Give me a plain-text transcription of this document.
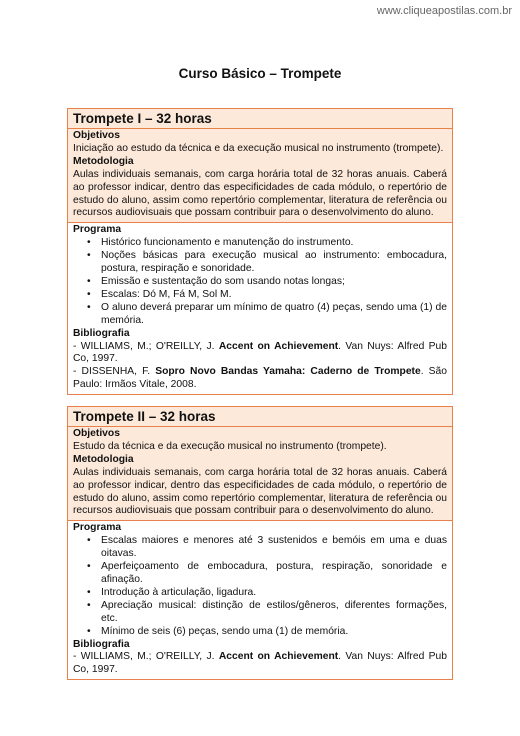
www.cliqueapostilas.com.br
Curso Básico – Trompete
Trompete I – 32 horas
Objetivos
Iniciação ao estudo da técnica e da execução musical no instrumento (trompete).
Metodologia
Aulas individuais semanais, com carga horária total de 32 horas anuais. Caberá ao professor indicar, dentro das especificidades de cada módulo, o repertório de estudo do aluno, assim como repertório complementar, literatura de referência ou recursos audiovisuais que possam contribuir para o desenvolvimento do aluno.
Programa
• Histórico funcionamento e manutenção do instrumento.
• Noções básicas para execução musical ao instrumento: embocadura, postura, respiração e sonoridade.
• Emissão e sustentação do som usando notas longas;
• Escalas: Dó M, Fá M, Sol M.
• O aluno deverá preparar um mínimo de quatro (4) peças, sendo uma (1) de memória.
Bibliografia
- WILLIAMS, M.; O'REILLY, J. Accent on Achievement. Van Nuys: Alfred Pub Co, 1997.
- DISSENHA, F. Sopro Novo Bandas Yamaha: Caderno de Trompete. São Paulo: Irmãos Vitale, 2008.
Trompete II – 32 horas
Objetivos
Estudo da técnica e da execução musical no instrumento (trompete).
Metodologia
Aulas individuais semanais, com carga horária total de 32 horas anuais. Caberá ao professor indicar, dentro das especificidades de cada módulo, o repertório de estudo do aluno, assim como repertório complementar, literatura de referência ou recursos audiovisuais que possam contribuir para o desenvolvimento do aluno.
Programa
• Escalas maiores e menores até 3 sustenidos e bemóis em uma e duas oitavas.
• Aperfeiçoamento de embocadura, postura, respiração, sonoridade e afinação.
• Introdução à articulação, ligadura.
• Apreciação musical: distinção de estilos/gêneros, diferentes formações, etc.
• Mínimo de seis (6) peças, sendo uma (1) de memória.
Bibliografia
- WILLIAMS, M.; O'REILLY, J. Accent on Achievement. Van Nuys: Alfred Pub Co, 1997.
